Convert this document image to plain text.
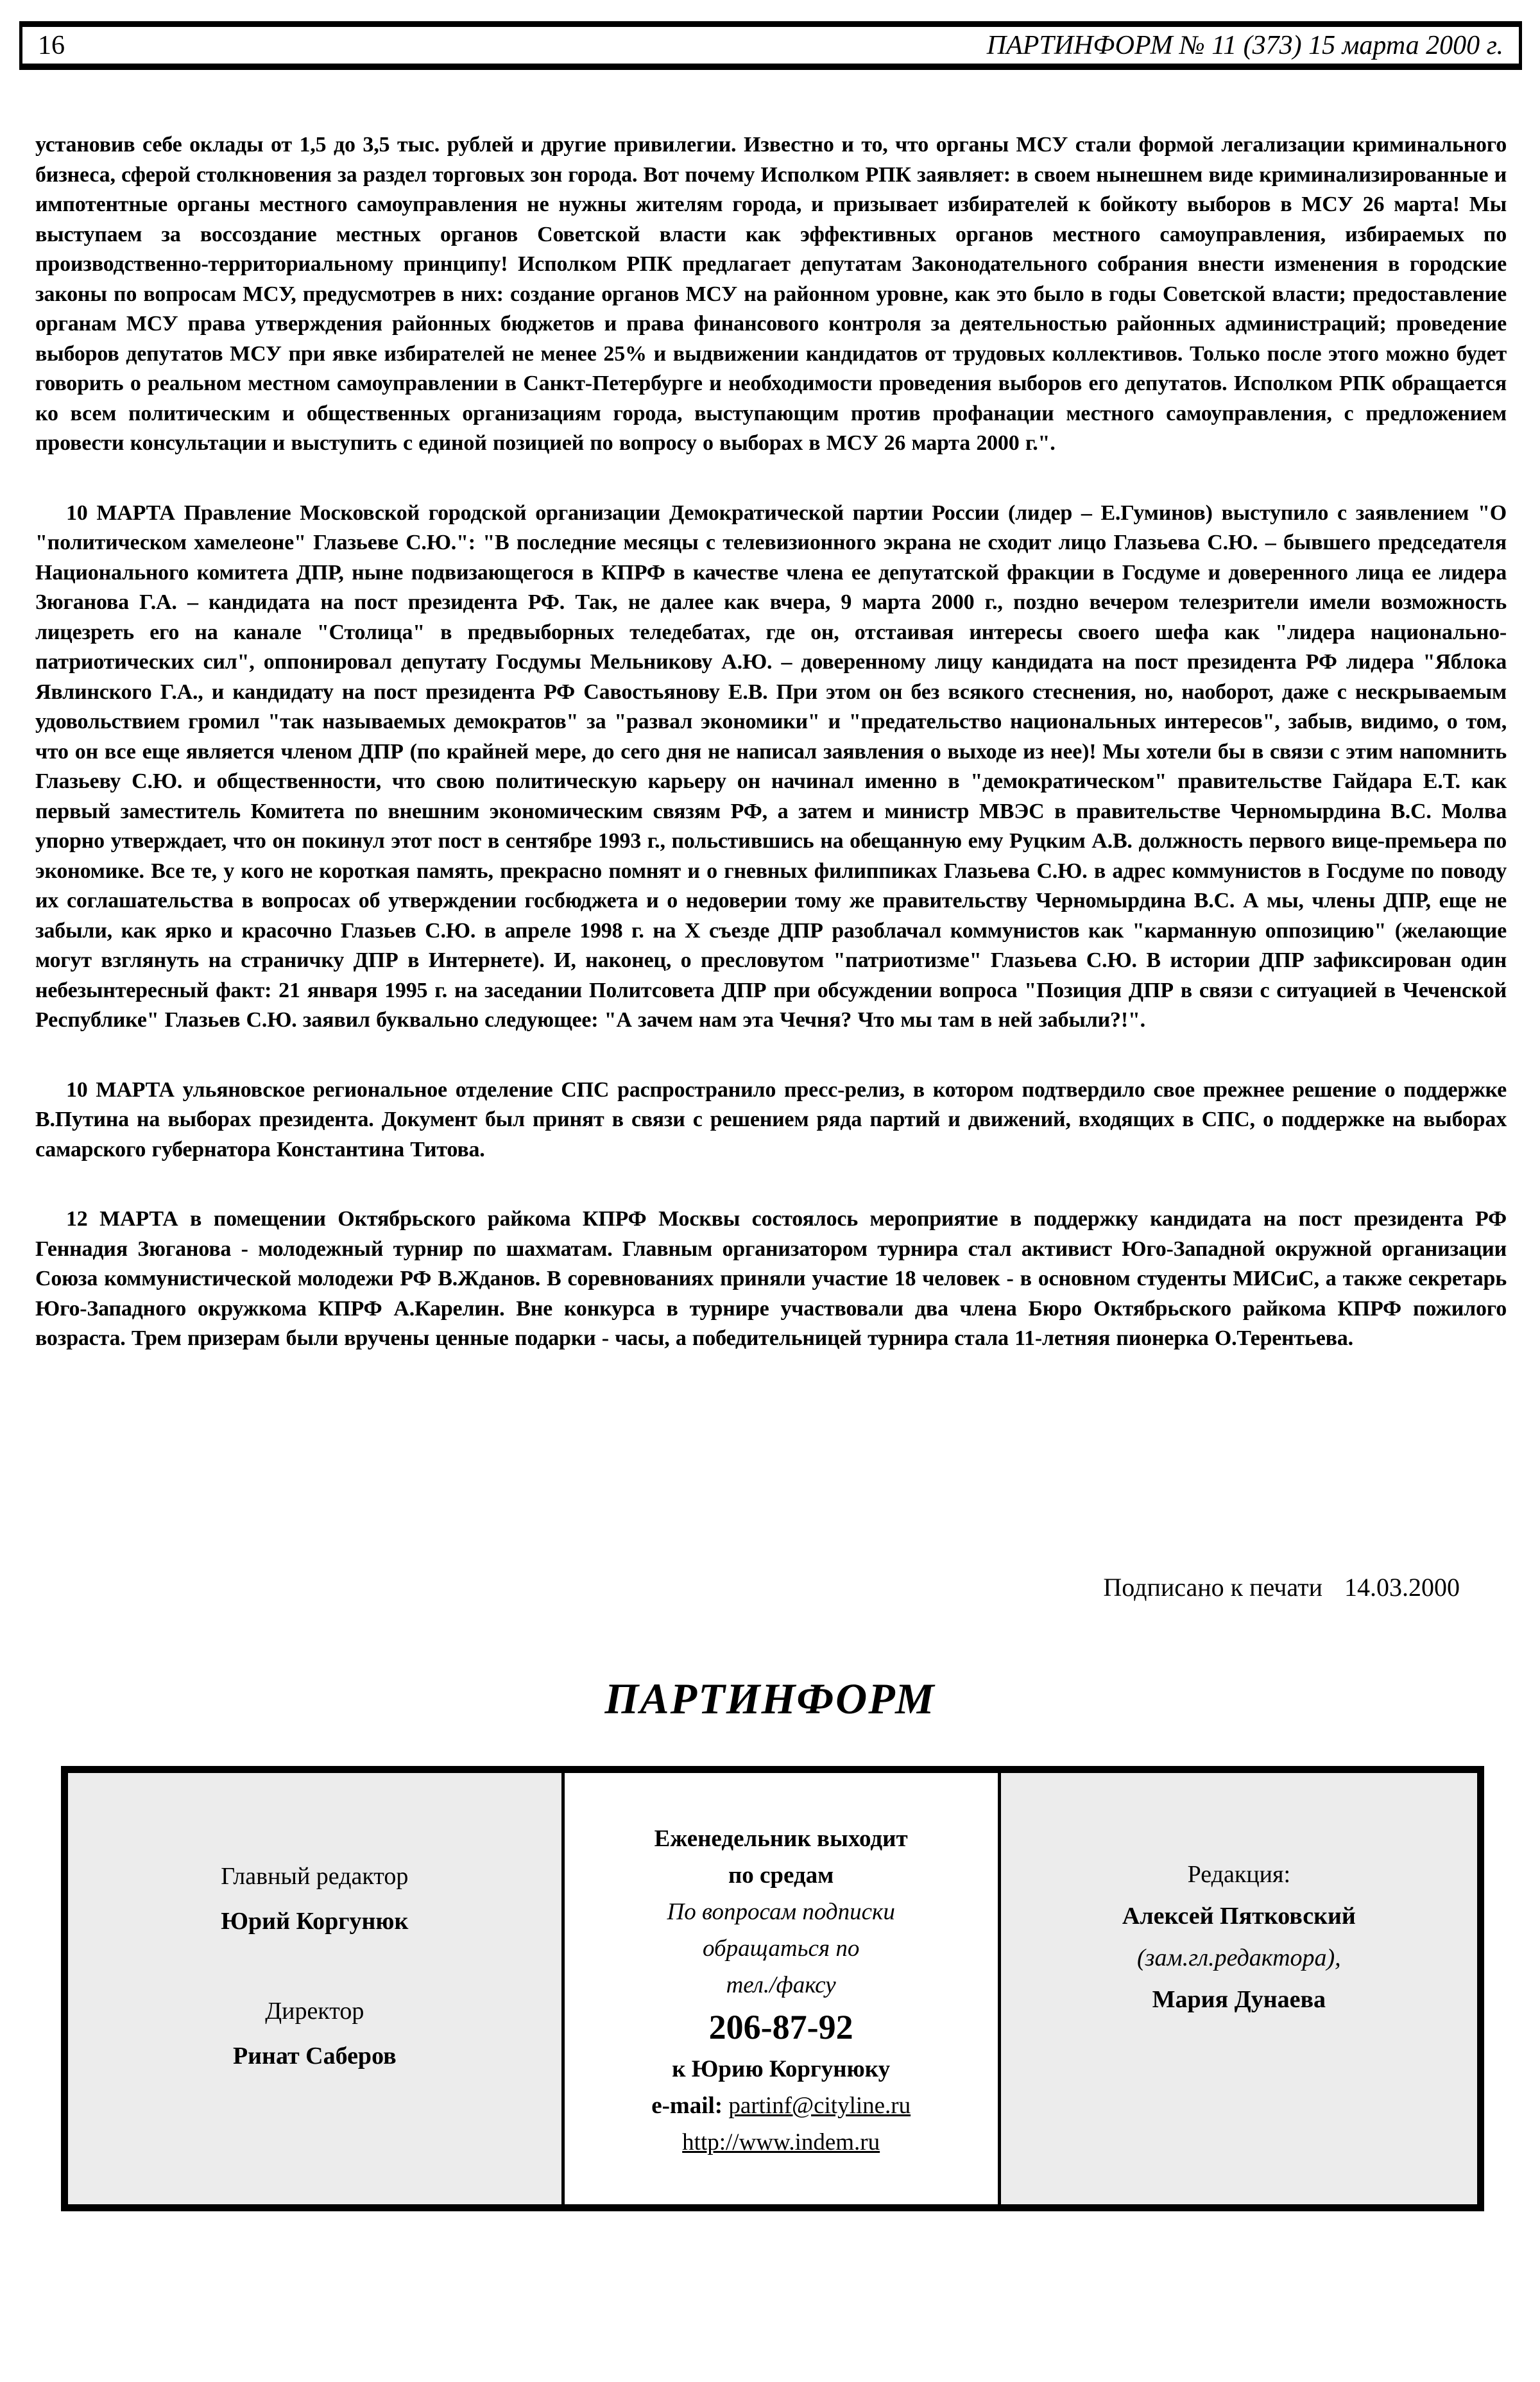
16	ПАРТИНФОРМ № 11 (373) 15 марта 2000 г.

установив себе оклады от 1,5 до 3,5 тыс. рублей и другие привилегии. Известно и то, что органы МСУ стали формой легализации криминального бизнеса, сферой столкновения за раздел торговых зон города. Вот почему Исполком РПК заявляет: в своем нынешнем виде криминализированные и импотентные органы местного самоуправления не нужны жителям города, и призывает избирателей к бойкоту выборов в МСУ 26 марта! Мы выступаем за воссоздание местных органов Советской власти как эффективных органов местного самоуправления, избираемых по производственно-территориальному принципу! Исполком РПК предлагает депутатам Законодательного собрания внести изменения в городские законы по вопросам МСУ, предусмотрев в них: создание органов МСУ на районном уровне, как это было в годы Советской власти; предоставление органам МСУ права утверждения районных бюджетов и права финансового контроля за деятельностью районных администраций; проведение выборов депутатов МСУ при явке избирателей не менее 25% и выдвижении кандидатов от трудовых коллективов. Только после этого можно будет говорить о реальном местном самоуправлении в Санкт-Петербурге и необходимости проведения выборов его депутатов. Исполком РПК обращается ко всем политическим и общественных организациям города, выступающим против профанации местного самоуправления, с предложением провести консультации и выступить с единой позицией по вопросу о выборах в МСУ 26 марта 2000 г.".

10 МАРТА Правление Московской городской организации Демократической партии России (лидер – Е.Гуминов) выступило с заявлением "О "политическом хамелеоне" Глазьеве С.Ю.": "В последние месяцы с телевизионного экрана не сходит лицо Глазьева С.Ю. – бывшего председателя Национального комитета ДПР, ныне подвизающегося в КПРФ в качестве члена ее депутатской фракции в Госдуме и доверенного лица ее лидера Зюганова Г.А. – кандидата на пост президента РФ. Так, не далее как вчера, 9 марта 2000 г., поздно вечером телезрители имели возможность лицезреть его на канале "Столица" в предвыборных теледебатах, где он, отстаивая интересы своего шефа как "лидера национально-патриотических сил", оппонировал депутату Госдумы Мельникову А.Ю. – доверенному лицу кандидата на пост президента РФ лидера "Яблока Явлинского Г.А., и кандидату на пост президента РФ Савостьянову Е.В. При этом он без всякого стеснения, но, наоборот, даже с нескрываемым удовольствием громил "так называемых демократов" за "развал экономики" и "предательство национальных интересов", забыв, видимо, о том, что он все еще является членом ДПР (по крайней мере, до сего дня не написал заявления о выходе из нее)! Мы хотели бы в связи с этим напомнить Глазьеву С.Ю. и общественности, что свою политическую карьеру он начинал именно в "демократическом" правительстве Гайдара Е.Т. как первый заместитель Комитета по внешним экономическим связям РФ, а затем и министр МВЭС в правительстве Черномырдина В.С. Молва упорно утверждает, что он покинул этот пост в сентябре 1993 г., польстившись на обещанную ему Руцким А.В. должность первого вице-премьера по экономике. Все те, у кого не короткая память, прекрасно помнят и о гневных филиппиках Глазьева С.Ю. в адрес коммунистов в Госдуме по поводу их соглашательства в вопросах об утверждении госбюджета и о недоверии тому же правительству Черномырдина В.С. А мы, члены ДПР, еще не забыли, как ярко и красочно Глазьев С.Ю. в апреле 1998 г. на X съезде ДПР разоблачал коммунистов как "карманную оппозицию" (желающие могут взглянуть на страничку ДПР в Интернете). И, наконец, о пресловутом "патриотизме" Глазьева С.Ю. В истории ДПР зафиксирован один небезынтересный факт: 21 января 1995 г. на заседании Политсовета ДПР при обсуждении вопроса "Позиция ДПР в связи с ситуацией в Чеченской Республике" Глазьев С.Ю. заявил буквально следующее: "А зачем нам эта Чечня? Что мы там в ней забыли?!".

10 МАРТА ульяновское региональное отделение СПС распространило пресс-релиз, в котором подтвердило свое прежнее решение о поддержке В.Путина на выборах президента. Документ был принят в связи с решением ряда партий и движений, входящих в СПС, о поддержке на выборах самарского губернатора Константина Титова.

12 МАРТА в помещении Октябрьского райкома КПРФ Москвы состоялось мероприятие в поддержку кандидата на пост президента РФ Геннадия Зюганова - молодежный турнир по шахматам. Главным организатором турнира стал активист Юго-Западной окружной организации Союза коммунистической молодежи РФ В.Жданов. В соревнованиях приняли участие 18 человек - в основном студенты МИСиС, а также секретарь Юго-Западного окружкома КПРФ А.Карелин. Вне конкурса в турнире участвовали два члена Бюро Октябрьского райкома КПРФ пожилого возраста. Трем призерам были вручены ценные подарки - часы, а победительницей турнира стала 11-летняя пионерка О.Терентьева.

Подписано к печати 14.03.2000
ПАРТИНФОРМ
Главный редактор
Юрий Коргунюк
Директор
Ринат Саберов
Еженедельник выходит
по средам
По вопросам подписки
обращаться по
тел./факсу
206-87-92
к Юрию Коргунюку
e-mail: partinf@cityline.ru
http://www.indem.ru
Редакция:
Алексей Пятковский
(зам.гл.редактора),
Мария Дунаева
